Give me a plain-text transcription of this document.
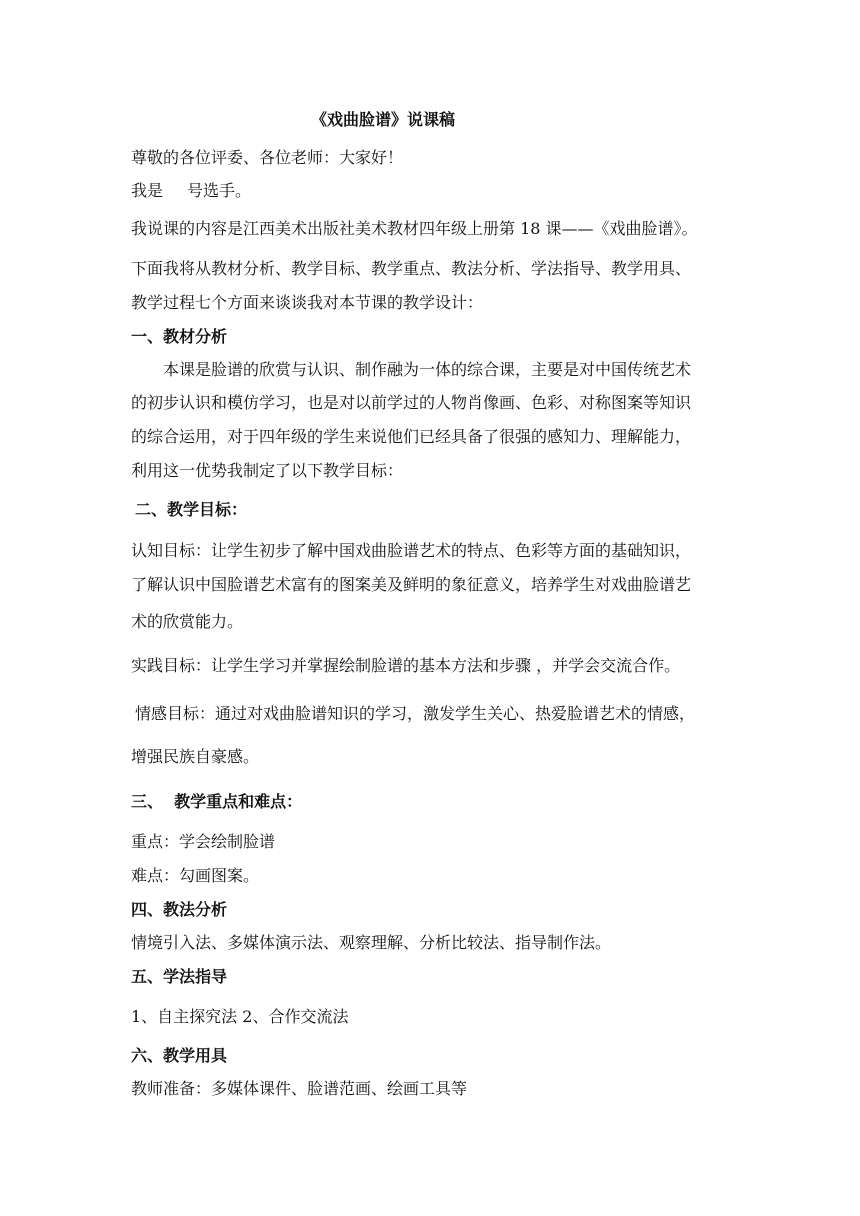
《戏曲脸谱》说课稿
尊敬的各位评委、各位老师：大家好！
我是 号选手。
我说课的内容是江西美术出版社美术教材四年级上册第 18 课——《戏曲脸谱》。
下面我将从教材分析、教学目标、教学重点、教法分析、学法指导、教学用具、
教学过程七个方面来谈谈我对本节课的教学设计：
一、教材分析
本课是脸谱的欣赏与认识、制作融为一体的综合课，主要是对中国传统艺术
的初步认识和模仿学习，也是对以前学过的人物肖像画、色彩、对称图案等知识
的综合运用，对于四年级的学生来说他们已经具备了很强的感知力、理解能力，
利用这一优势我制定了以下教学目标：
二、教学目标：
认知目标：让学生初步了解中国戏曲脸谱艺术的特点、色彩等方面的基础知识，
了解认识中国脸谱艺术富有的图案美及鲜明的象征意义，培养学生对戏曲脸谱艺
术的欣赏能力。
实践目标：让学生学习并掌握绘制脸谱的基本方法和步骤 ，并学会交流合作。
情感目标：通过对戏曲脸谱知识的学习，激发学生关心、热爱脸谱艺术的情感，
增强民族自豪感。
三、  教学重点和难点：
重点：学会绘制脸谱
难点：勾画图案。
四、教法分析
情境引入法、多媒体演示法、观察理解、分析比较法、指导制作法。
五、学法指导
1、自主探究法 2、合作交流法
六、教学用具
教师准备：多媒体课件、脸谱范画、绘画工具等
